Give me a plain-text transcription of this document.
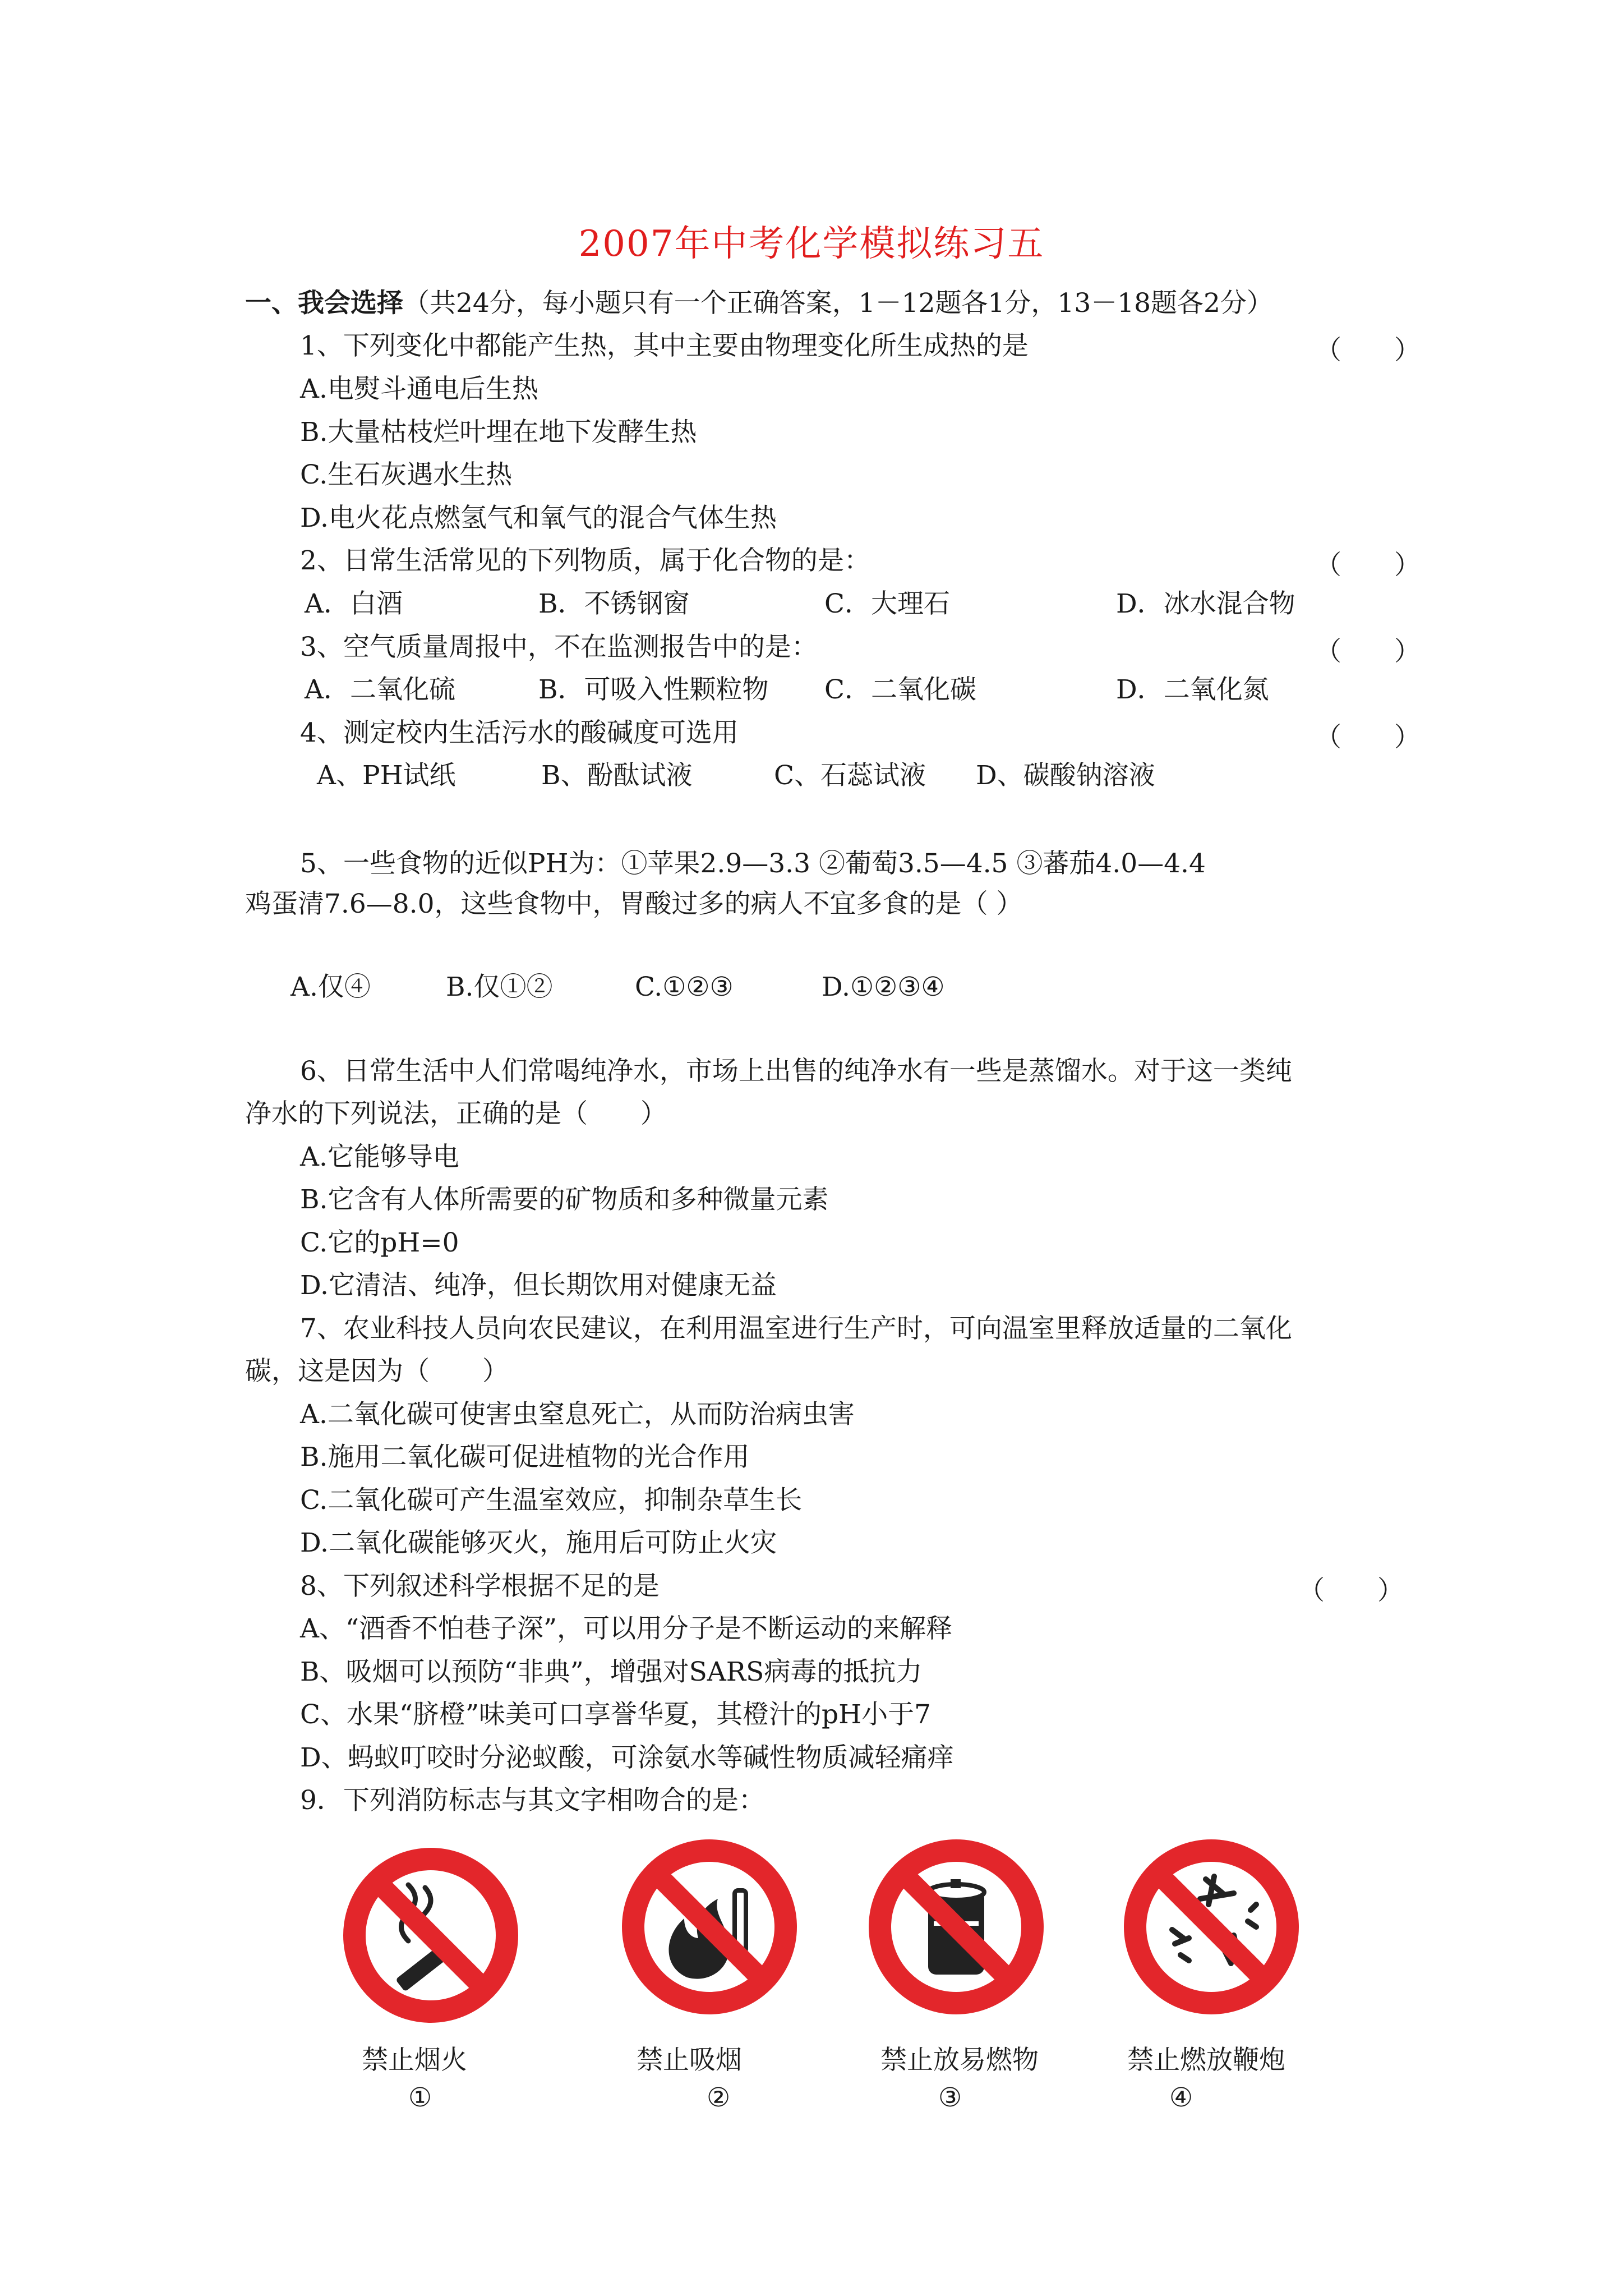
2007年中考化学模拟练习五
一、我会选择（共24分，每小题只有一个正确答案，1－12题各1分，13－18题各2分）
1、下列变化中都能产生热，其中主要由物理变化所生成热的是	（　　）
A.电熨斗通电后生热
B.大量枯枝烂叶埋在地下发酵生热
C.生石灰遇水生热
D.电火花点燃氢气和氧气的混合气体生热
2、日常生活常见的下列物质，属于化合物的是：	（　　）
A．白酒	B．不锈钢窗	C．大理石	D．冰水混合物
3、空气质量周报中，不在监测报告中的是：	（　　）
A．二氧化硫	B．可吸入性颗粒物 C．二氧化碳	D．二氧化氮
4、测定校内生活污水的酸碱度可选用	（　　）
A、PH试纸	B、酚酞试液	C、石蕊试液 D、碳酸钠溶液
5、一些食物的近似PH为：①苹果2.9—3.3 ②葡萄3.5—4.5 ③蕃茄4.0—4.4
鸡蛋清7.6—8.0，这些食物中，胃酸过多的病人不宜多食的是（ ）
A.仅④	B.仅①②	C.①②③	D.①②③④
6、日常生活中人们常喝纯净水，市场上出售的纯净水有一些是蒸馏水。对于这一类纯
净水的下列说法，正确的是（　　）
A.它能够导电
B.它含有人体所需要的矿物质和多种微量元素
C.它的pH=0
D.它清洁、纯净，但长期饮用对健康无益
7、农业科技人员向农民建议，在利用温室进行生产时，可向温室里释放适量的二氧化
碳，这是因为（　　）
A.二氧化碳可使害虫窒息死亡，从而防治病虫害
B.施用二氧化碳可促进植物的光合作用
C.二氧化碳可产生温室效应，抑制杂草生长
D.二氧化碳能够灭火，施用后可防止火灾
8、下列叙述科学根据不足的是	（　　）
A、“酒香不怕巷子深”，可以用分子是不断运动的来解释
B、吸烟可以预防“非典”，增强对SARS病毒的抵抗力
C、水果“脐橙”味美可口享誉华夏，其橙汁的pH小于7
D、蚂蚁叮咬时分泌蚁酸，可涂氨水等碱性物质减轻痛痒
9．下列消防标志与其文字相吻合的是：
禁止烟火
①
禁止吸烟
②
禁止放易燃物
③
禁止燃放鞭炮
④
